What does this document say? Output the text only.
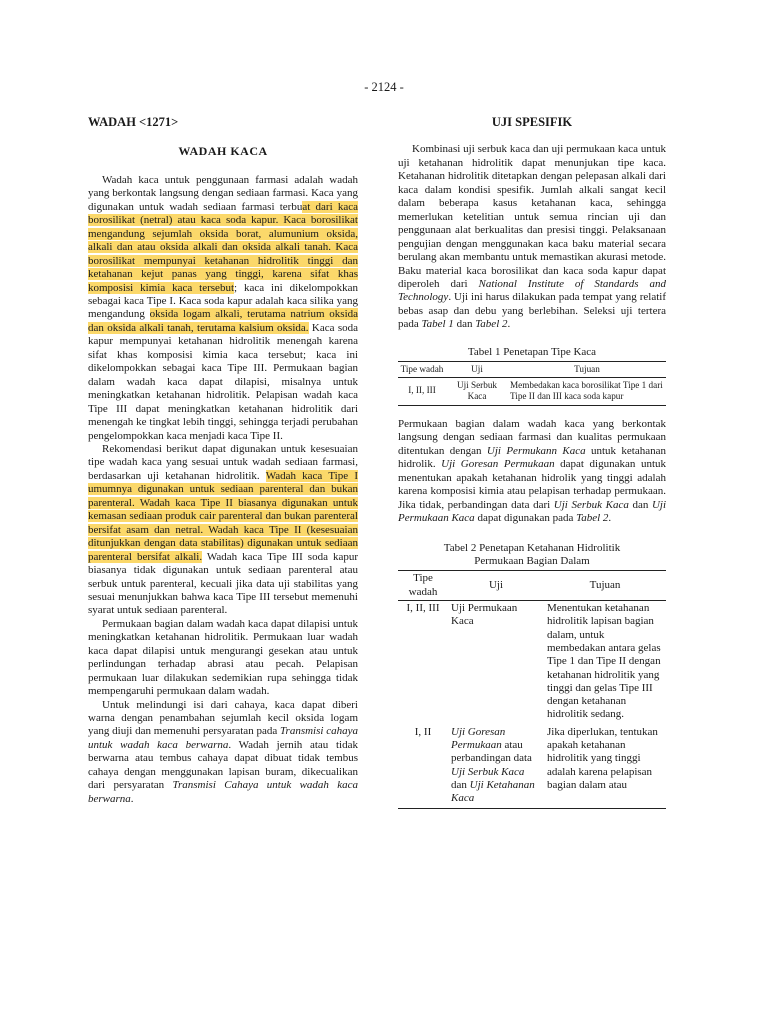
- 2124 -
WADAH <1271>
WADAH KACA

Wadah kaca untuk penggunaan farmasi adalah wadah yang berkontak langsung dengan sediaan farmasi. Kaca yang digunakan untuk wadah sediaan farmasi terbuat dari kaca borosilikat (netral) atau kaca soda kapur. Kaca borosilikat mengandung sejumlah oksida borat, alumunium oksida, alkali dan atau oksida alkali dan oksida alkali tanah. Kaca borosilikat mempunyai ketahanan hidrolitik tinggi dan ketahanan kejut panas yang tinggi, karena sifat khas komposisi kimia kaca tersebut; kaca ini dikelompokkan sebagai kaca Tipe I. Kaca soda kapur adalah kaca silika yang mengandung oksida logam alkali, terutama natrium oksida dan oksida alkali tanah, terutama kalsium oksida. Kaca soda kapur mempunyai ketahanan hidrolitik menengah karena sifat khas komposisi kimia kaca tersebut; kaca ini dikelompokkan sebagai kaca Tipe III. Permukaan bagian dalam wadah kaca dapat dilapisi, misalnya untuk meningkatkan ketahanan hidrolitik. Pelapisan wadah kaca Tipe III dapat meningkatkan ketahanan hidrolitik dari menengah ke tingkat lebih tinggi, sehingga terjadi perubahan pengelompokkan kaca menjadi kaca Tipe II.

Rekomendasi berikut dapat digunakan untuk kesesuaian tipe wadah kaca yang sesuai untuk wadah sediaan farmasi, berdasarkan uji ketahanan hidrolitik. Wadah kaca Tipe I umumnya digunakan untuk sediaan parenteral dan bukan parenteral. Wadah kaca Tipe II biasanya digunakan untuk kemasan sediaan produk cair parenteral dan bukan parenteral bersifat asam dan netral. Wadah kaca Tipe II (kesesuaian ditunjukkan dengan data stabilitas) digunakan untuk sediaan parenteral bersifat alkali. Wadah kaca Tipe III soda kapur biasanya tidak digunakan untuk sediaan parenteral atau serbuk untuk parenteral, kecuali jika data uji stabilitas yang sesuai menunjukkan bahwa kaca Tipe III tersebut memenuhi syarat untuk sediaan parenteral.

Permukaan bagian dalam wadah kaca dapat dilapisi untuk meningkatkan ketahanan hidrolitik. Permukaan luar wadah kaca dapat dilapisi untuk mengurangi gesekan atau untuk perlindungan terhadap abrasi atau pecah. Pelapisan permukaan luar dilakukan sedemikian rupa sehingga tidak mempengaruhi permukaan dalam wadah.

Untuk melindungi isi dari cahaya, kaca dapat diberi warna dengan penambahan sejumlah kecil oksida logam yang diuji dan memenuhi persyaratan pada Transmisi cahaya untuk wadah kaca berwarna. Wadah jernih atau tidak berwarna atau tembus cahaya dapat dibuat tidak tembus cahaya dengan menggunakan lapisan buram, dikecualikan dari persyaratan Transmisi Cahaya untuk wadah kaca berwarna.

UJI SPESIFIK

Kombinasi uji serbuk kaca dan uji permukaan kaca untuk uji ketahanan hidrolitik dapat menunjukan tipe kaca. Ketahanan hidrolitik ditetapkan dengan pelepasan alkali dari kaca dalam kondisi spesifik. Jumlah alkali sangat kecil dalam beberapa kasus ketahanan kaca, sehingga memerlukan ketelitian untuk semua rincian uji dan penggunaan alat berkualitas dan presisi tinggi. Pelaksanaan pengujian dengan menggunakan kaca baku material secara berulang akan membantu untuk memastikan akurasi metode. Baku material kaca borosilikat dan kaca soda kapur dapat diperoleh dari National Institute of Standards and Technology. Uji ini harus dilakukan pada tempat yang relatif bebas asap dan debu yang berlebihan. Seleksi uji tertera pada Tabel 1 dan Tabel 2.

Tabel 1 Penetapan Tipe Kaca
Tipe wadah	Uji	Tujuan
I, II, III	Uji Serbuk Kaca	Membedakan kaca borosilikat Tipe 1 dari Tipe II dan III kaca soda kapur

Permukaan bagian dalam wadah kaca yang berkontak langsung dengan sediaan farmasi dan kualitas permukaan ditentukan dengan Uji Permukann Kaca untuk ketahanan hidrolik. Uji Goresan Permukaan dapat digunakan untuk menentukan apakah ketahanan hidrolik yang tinggi adalah karena komposisi kimia atau pelapisan terhadap permukaan. Jika tidak, perbandingan data dari Uji Serbuk Kaca dan Uji Permukaan Kaca dapat digunakan pada Tabel 2.

Tabel 2 Penetapan Ketahanan Hidrolitik
Permukaan Bagian Dalam
Tipe wadah	Uji	Tujuan
I, II, III	Uji Permukaan Kaca	Menentukan ketahanan hidrolitik lapisan bagian dalam, untuk membedakan antara gelas Tipe 1 dan Tipe II dengan ketahanan hidrolitik yang tinggi dan gelas Tipe III dengan ketahanan hidrolitik sedang.
I, II	Uji Goresan Permukaan atau perbandingan data Uji Serbuk Kaca dan Uji Ketahanan Kaca	Jika diperlukan, tentukan apakah ketahanan hidrolitik yang tinggi adalah karena pelapisan bagian dalam atau
